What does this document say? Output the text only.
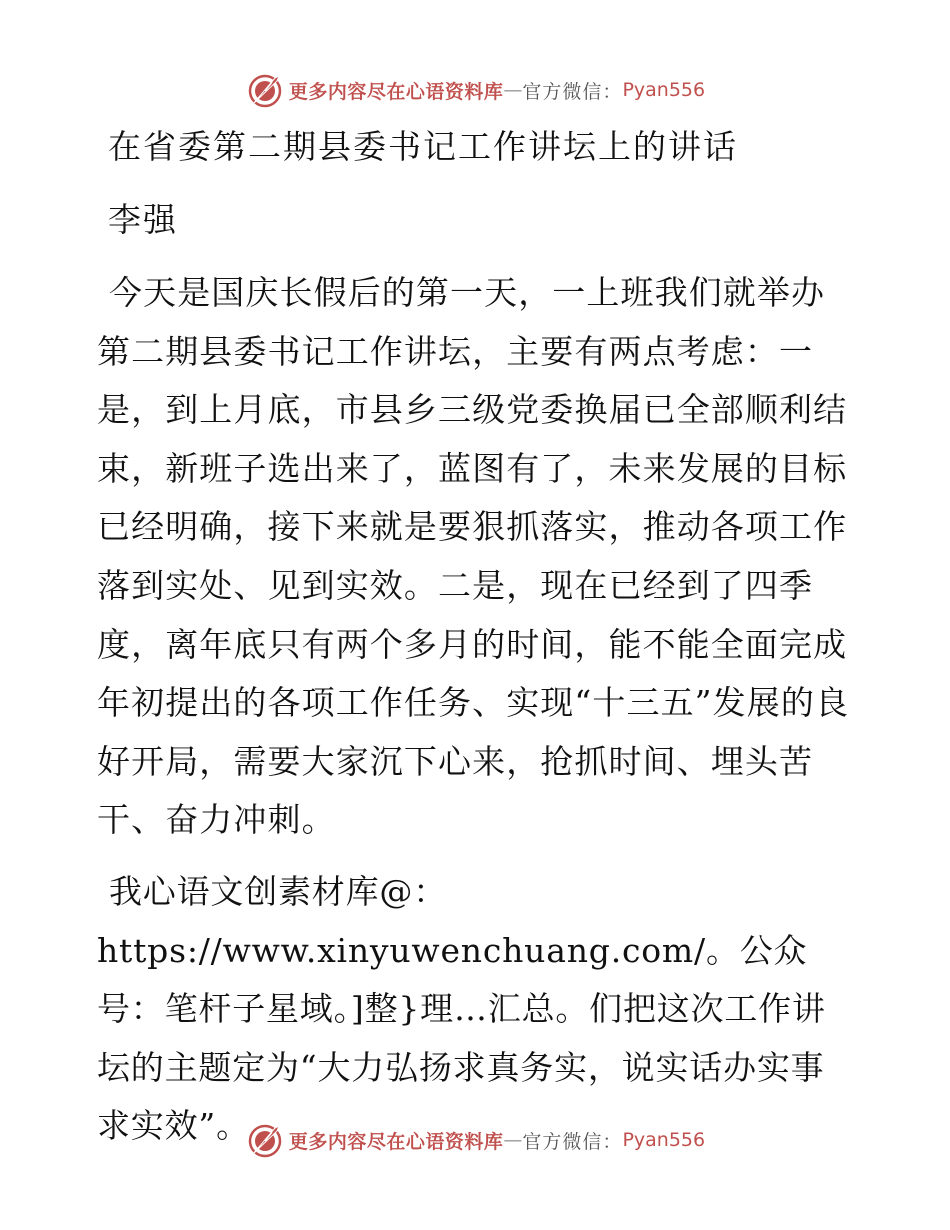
更多内容尽在心语资料库 — 官方微信： Pyan556
在省委第二期县委书记工作讲坛上的讲话
李强

今天是国庆长假后的第一天，一上班我们就举办第二期县委书记工作讲坛，主要有两点考虑：一是，到上月底，市县乡三级党委换届已全部顺利结束，新班子选出来了，蓝图有了，未来发展的目标已经明确，接下来就是要狠抓落实，推动各项工作落到实处、见到实效。二是，现在已经到了四季度，离年底只有两个多月的时间，能不能全面完成年初提出的各项工作任务、实现“十三五”发展的良好开局，需要大家沉下心来，抢抓时间、埋头苦干、奋力冲刺。

我心语文创素材库@：https://www.xinyuwenchuang.com/。公众号：笔杆子星域。]整}理…汇总。们把这次工作讲坛的主题定为“大力弘扬求真务实，说实话办实事求实效”。	更多内容尽在心语资料库 — 官方微信： Pyan556
